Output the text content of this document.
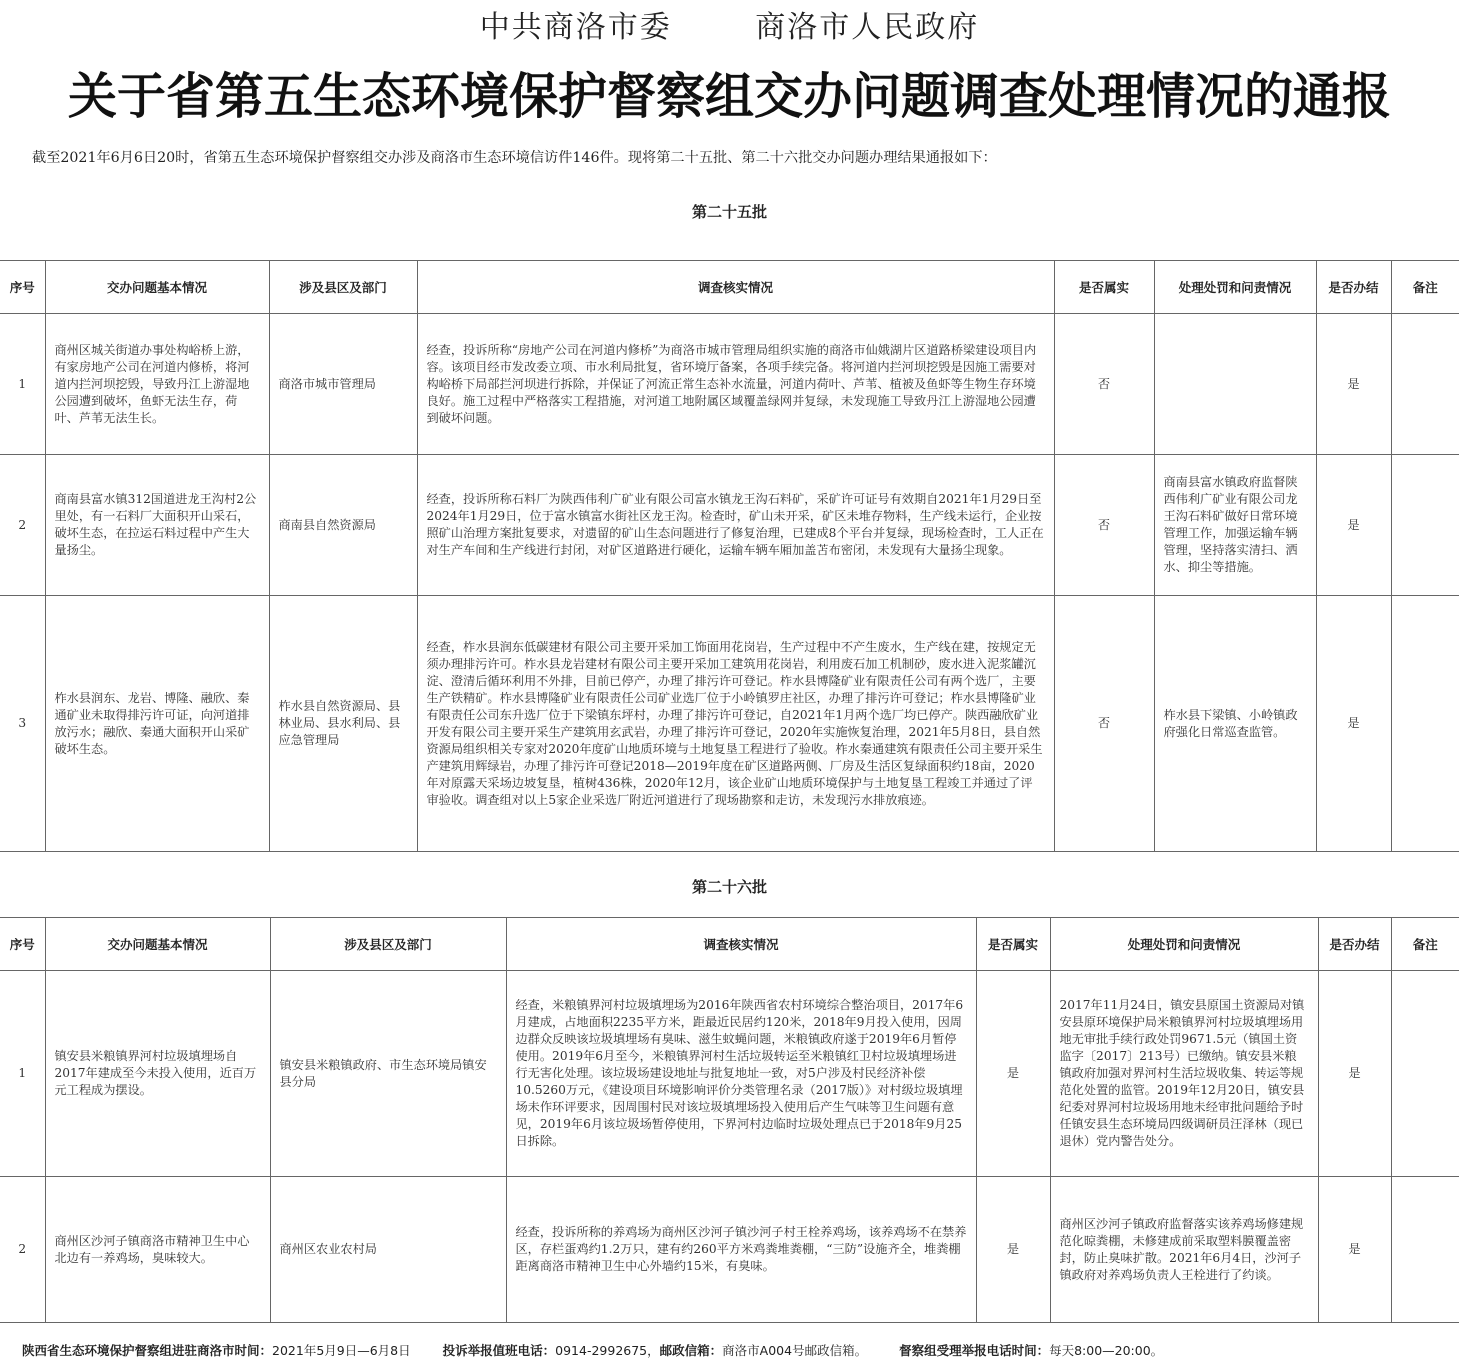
中共商洛市委	商洛市人民政府
关于省第五生态环境保护督察组交办问题调查处理情况的通报
截至2021年6月6日20时，省第五生态环境保护督察组交办涉及商洛市生态环境信访件146件。现将第二十五批、第二十六批交办问题办理结果通报如下：
第二十五批
序号	交办问题基本情况	涉及县区及部门	调查核实情况	是否属实	处理处罚和问责情况	是否办结	备注
1	商州区城关街道办事处构峪桥上游，有家房地产公司在河道内修桥，将河道内拦河坝挖毁，导致丹江上游湿地公园遭到破坏，鱼虾无法生存，荷叶、芦苇无法生长。	商洛市城市管理局	经查，投诉所称“房地产公司在河道内修桥”为商洛市城市管理局组织实施的商洛市仙娥湖片区道路桥梁建设项目内容。该项目经市发改委立项、市水利局批复，省环境厅备案，各项手续完备。将河道内拦河坝挖毁是因施工需要对构峪桥下局部拦河坝进行拆除，并保证了河流正常生态补水流量，河道内荷叶、芦苇、植被及鱼虾等生物生存环境良好。施工过程中严格落实工程措施，对河道工地附属区域覆盖绿网并复绿，未发现施工导致丹江上游湿地公园遭到破坏问题。	否		是	
2	商南县富水镇312国道进龙王沟村2公里处，有一石料厂大面积开山采石，破坏生态，在拉运石料过程中产生大量扬尘。	商南县自然资源局	经查，投诉所称石料厂为陕西伟利广矿业有限公司富水镇龙王沟石料矿，采矿许可证号有效期自2021年1月29日至2024年1月29日，位于富水镇富水街社区龙王沟。检查时，矿山未开采，矿区未堆存物料，生产线未运行，企业按照矿山治理方案批复要求，对遗留的矿山生态问题进行了修复治理，已建成8个平台并复绿，现场检查时，工人正在对生产车间和生产线进行封闭，对矿区道路进行硬化，运输车辆车厢加盖苫布密闭，未发现有大量扬尘现象。	否	商南县富水镇政府监督陕西伟利广矿业有限公司龙王沟石料矿做好日常环境管理工作，加强运输车辆管理，坚持落实清扫、洒水、抑尘等措施。	是	
3	柞水县润东、龙岩、博隆、融欣、秦通矿业未取得排污许可证，向河道排放污水；融欣、秦通大面积开山采矿破坏生态。	柞水县自然资源局、县林业局、县水利局、县应急管理局	经查，柞水县润东低碳建材有限公司主要开采加工饰面用花岗岩，生产过程中不产生废水，生产线在建，按规定无须办理排污许可。柞水县龙岩建材有限公司主要开采加工建筑用花岗岩，利用废石加工机制砂，废水进入泥浆罐沉淀、澄清后循环利用不外排，目前已停产，办理了排污许可登记。柞水县博隆矿业有限责任公司有两个选厂，主要生产铁精矿。柞水县博隆矿业有限责任公司矿业选厂位于小岭镇罗庄社区，办理了排污许可登记；柞水县博隆矿业有限责任公司东升选厂位于下梁镇东坪村，办理了排污许可登记，自2021年1月两个选厂均已停产。陕西融欣矿业开发有限公司主要开采生产建筑用玄武岩，办理了排污许可登记，2020年实施恢复治理，2021年5月8日，县自然资源局组织相关专家对2020年度矿山地质环境与土地复垦工程进行了验收。柞水秦通建筑有限责任公司主要开采生产建筑用辉绿岩，办理了排污许可登记2018—2019年度在矿区道路两侧、厂房及生活区复绿面积约18亩，2020年对原露天采场边坡复垦，植树436株，2020年12月，该企业矿山地质环境保护与土地复垦工程竣工并通过了评审验收。调查组对以上5家企业采选厂附近河道进行了现场勘察和走访，未发现污水排放痕迹。	否	柞水县下梁镇、小岭镇政府强化日常巡查监管。	是	
第二十六批
序号	交办问题基本情况	涉及县区及部门	调查核实情况	是否属实	处理处罚和问责情况	是否办结	备注
1	镇安县米粮镇界河村垃圾填埋场自2017年建成至今未投入使用，近百万元工程成为摆设。	镇安县米粮镇政府、市生态环境局镇安县分局	经查，米粮镇界河村垃圾填埋场为2016年陕西省农村环境综合整治项目，2017年6月建成，占地面积2235平方米，距最近民居约120米，2018年9月投入使用，因周边群众反映该垃圾填埋场有臭味、滋生蚊蝇问题，米粮镇政府遂于2019年6月暂停使用。2019年6月至今，米粮镇界河村生活垃圾转运至米粮镇红卫村垃圾填埋场进行无害化处理。该垃圾场建设地址与批复地址一致，对5户涉及村民经济补偿10.5260万元，《建设项目环境影响评价分类管理名录（2017版）》对村级垃圾填埋场未作环评要求，因周围村民对该垃圾填埋场投入使用后产生气味等卫生问题有意见，2019年6月该垃圾场暂停使用，下界河村边临时垃圾处理点已于2018年9月25日拆除。	是	2017年11月24日，镇安县原国土资源局对镇安县原环境保护局米粮镇界河村垃圾填埋场用地无审批手续行政处罚9671.5元（镇国土资监字〔2017〕213号）已缴纳。镇安县米粮镇政府加强对界河村生活垃圾收集、转运等规范化处置的监管。2019年12月20日，镇安县纪委对界河村垃圾场用地未经审批问题给予时任镇安县生态环境局四级调研员汪泽林（现已退休）党内警告处分。	是	
2	商州区沙河子镇商洛市精神卫生中心北边有一养鸡场，臭味较大。	商州区农业农村局	经查，投诉所称的养鸡场为商州区沙河子镇沙河子村王栓养鸡场，该养鸡场不在禁养区，存栏蛋鸡约1.2万只，建有约260平方米鸡粪堆粪棚，“三防”设施齐全，堆粪棚距离商洛市精神卫生中心外墙约15米，有臭味。	是	商州区沙河子镇政府监督落实该养鸡场修建规范化晾粪棚，未修建成前采取塑料膜覆盖密封，防止臭味扩散。2021年6月4日，沙河子镇政府对养鸡场负责人王栓进行了约谈。	是	
陕西省生态环境保护督察组进驻商洛市时间：2021年5月9日—6月8日	投诉举报值班电话：0914-2992675，邮政信箱：商洛市A004号邮政信箱。	督察组受理举报电话时间：每天8:00—20:00。
